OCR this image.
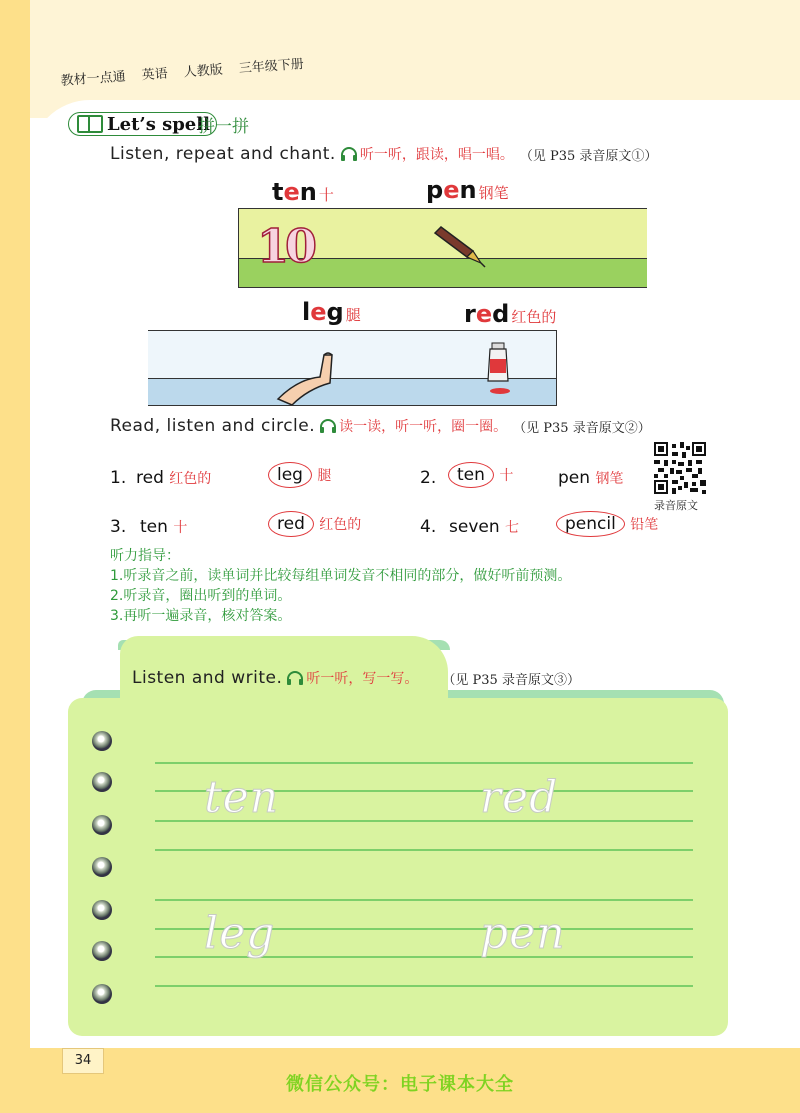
教材一点通 英语 人教版 三年级下册
Let’s spell
拼一拼
Listen, repeat and chant. 听一听，跟读，唱一唱。 （见 P35 录音原文①）
ten 十	pen 钢笔
10
leg 腿	red 红色的
Read, listen and circle. 读一读，听一听，圈一圈。 （见 P35 录音原文②）
录音原文
1. red 红色的	leg 腿	2.	ten 十	pen 钢笔
3. ten 十	red 红色的	4. seven 七	pencil 铅笔
听力指导：
1.听录音之前，读单词并比较每组单词发音不相同的部分，做好听前预测。
2.听录音，圈出听到的单词。
3.再听一遍录音，核对答案。
Listen and write. 听一听，写一写。 （见 P35 录音原文③）
ten	red
leg	pen
34
微信公众号：电子课本大全
